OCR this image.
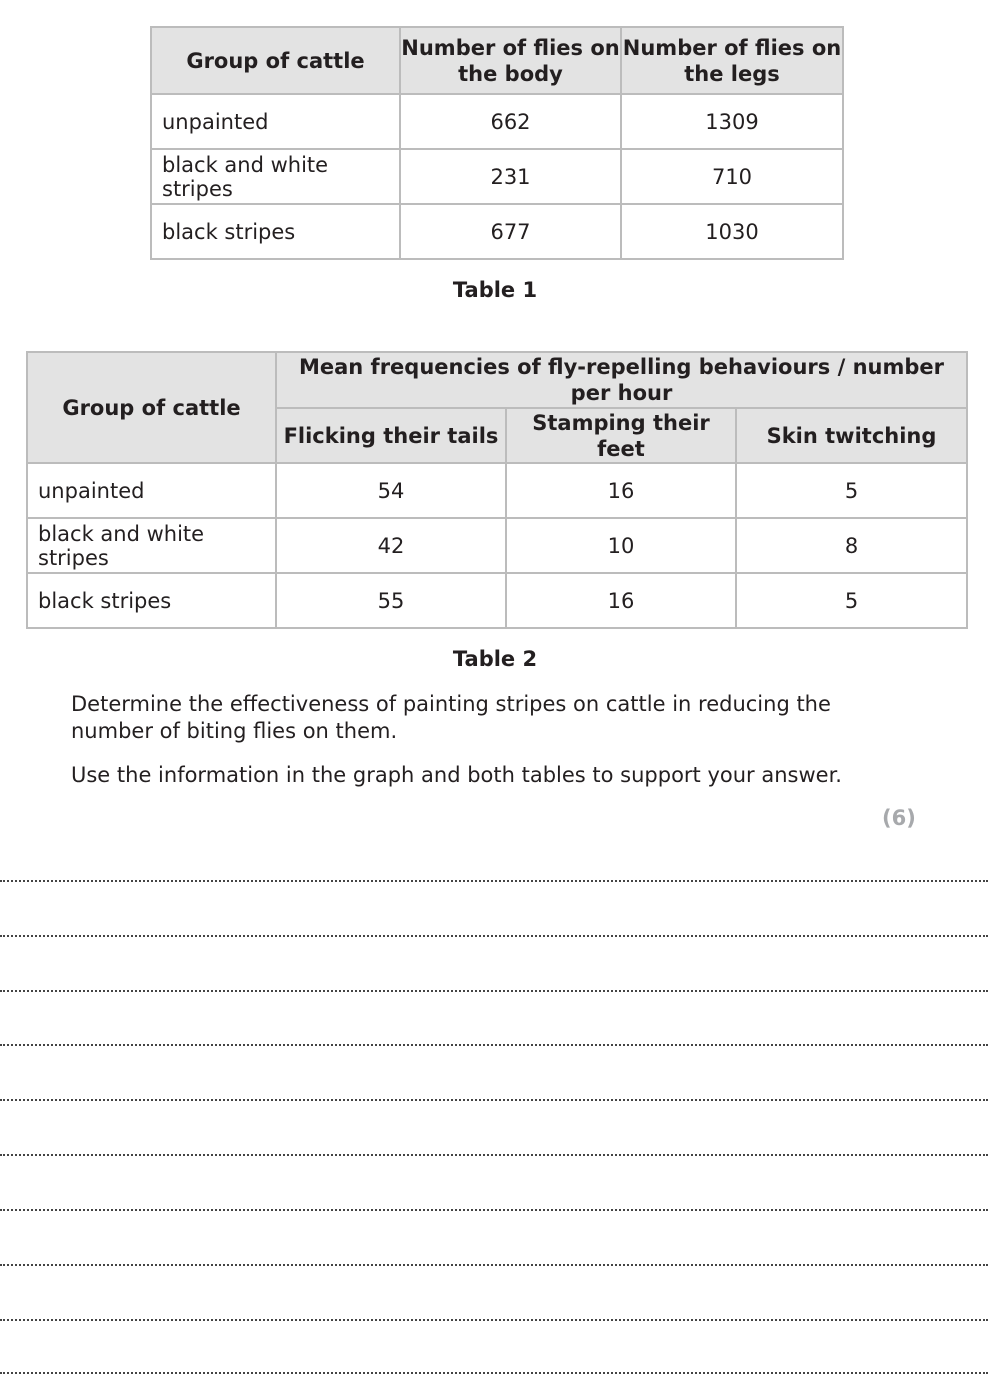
Group of cattle	Number of flies on the body	Number of flies on the legs
unpainted	662	1309
black and white stripes	231	710
black stripes	677	1030
Table 1
Group of cattle	Mean frequencies of fly-repelling behaviours / number per hour		
	Flicking their tails	Stamping their feet	Skin twitching
unpainted	54	16	5
black and white stripes	42	10	8
black stripes	55	16	5
Table 2

Determine the effectiveness of painting stripes on cattle in reducing the number of biting flies on them.

Use the information in the graph and both tables to support your answer.

(6)
